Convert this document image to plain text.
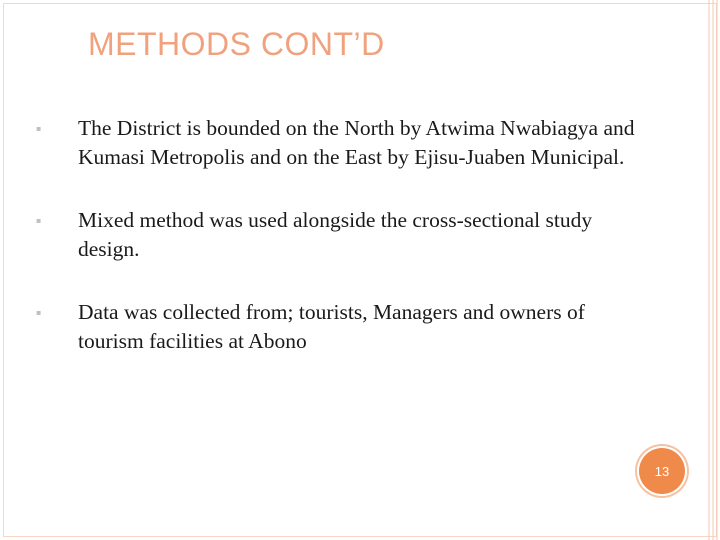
METHODS CONT’D
▪ The District is bounded on the North by Atwima Nwabiagya and Kumasi Metropolis and on the East by Ejisu-Juaben Municipal.
▪ Mixed method was used alongside the cross-sectional study design.
▪ Data was collected from; tourists, Managers and owners of tourism facilities at Abono
13
